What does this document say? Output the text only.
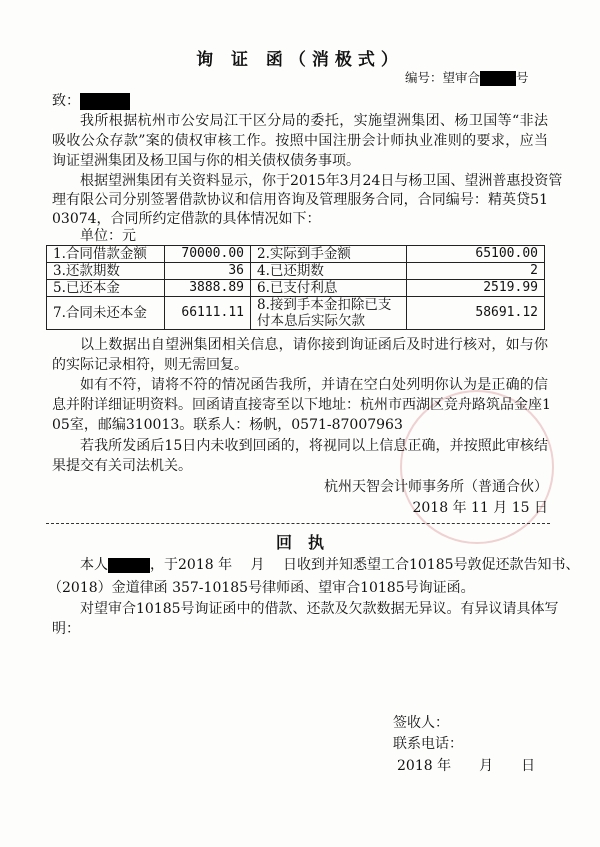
询 证 函（消极式）
编号：望审合	号
致：
我所根据杭州市公安局江干区分局的委托，实施望洲集团、杨卫国等“非法
吸收公众存款”案的债权审核工作。按照中国注册会计师执业准则的要求，应当
询证望洲集团及杨卫国与你的相关债权债务事项。
根据望洲集团有关资料显示，你于2015年3月24日与杨卫国、望洲普惠投资管
理有限公司分别签署借款协议和信用咨询及管理服务合同，合同编号：精英贷51
03074，合同所约定借款的具体情况如下：
单位：元
1.合同借款金额	70000.00	2.实际到手金额	65100.00
3.还款期数	36	4.已还期数	2
5.已还本金	3888.89	6.已支付利息	2519.99
7.合同未还本金	66111.11	8.接到手本金扣除已支付本息后实际欠款	58691.12
以上数据出自望洲集团相关信息，请你接到询证函后及时进行核对，如与你
的实际记录相符，则无需回复。
如有不符，请将不符的情况函告我所，并请在空白处列明你认为是正确的信
息并附详细证明资料。回函请直接寄至以下地址：杭州市西湖区竞舟路筑品金座1
05室，邮编310013。联系人：杨帆，0571-87007963
若我所发函后15日内未收到回函的，将视同以上信息正确，并按照此审核结
果提交有关司法机关。
杭州天智会计师事务所（普通合伙）
2018 年 11 月 15 日
回　执
本人	，于2018 年　 月　 日收到并知悉望工合10185号敦促还款告知书、
（2018）金道律函 357-10185号律师函、望审合10185号询证函。
对望审合10185号询证函中的借款、还款及欠款数据无异议。有异议请具体写
明：
签收人：
联系电话：
2018 年　　月　　日
